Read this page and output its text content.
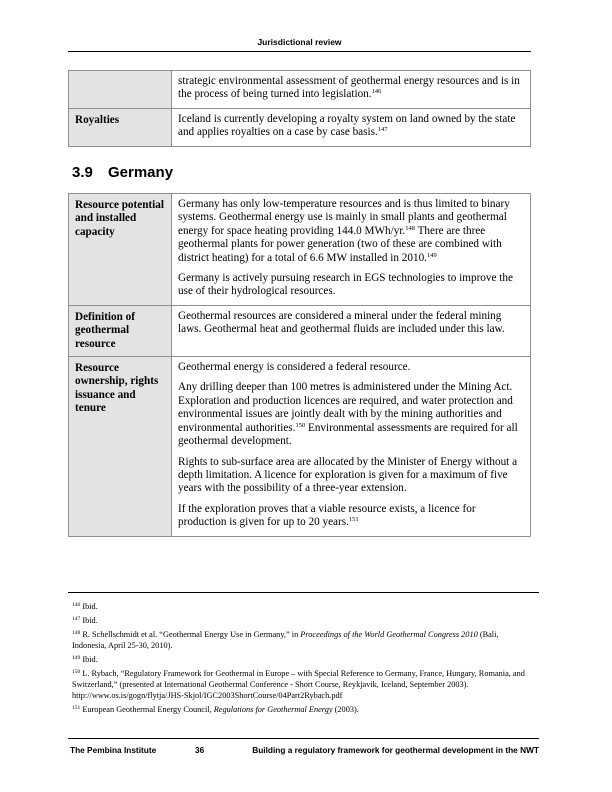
Jurisdictional review

	strategic environmental assessment of geothermal energy resources and is in the process of being turned into legislation.$^{146}$

Royalties	Iceland is currently developing a royalty system on land owned by the state and applies royalties on a case by case basis.$^{147}$

3.9 Germany
Resource potential and installed capacity	Germany has only low-temperature resources and is thus limited to binary systems. Geothermal energy use is mainly in small plants and geothermal energy for space heating providing 144.0 MWh/yr.$^{148}$ There are three geothermal plants for power generation (two of these are combined with district heating) for a total of 6.6 MW installed in 2010.$^{149}$

Germany is actively pursuing research in EGS technologies to improve the use of their hydrological resources.

Definition of geothermal resource	Geothermal resources are considered a mineral under the federal mining laws. Geothermal heat and geothermal fluids are included under this law.

Resource ownership, rights issuance and tenure	Geothermal energy is considered a federal resource.

Any drilling deeper than 100 metres is administered under the Mining Act. Exploration and production licences are required, and water protection and environmental issues are jointly dealt with by the mining authorities and environmental authorities.$^{150}$ Environmental assessments are required for all geothermal development.

Rights to sub-surface area are allocated by the Minister of Energy without a depth limitation. A licence for exploration is given for a maximum of five years with the possibility of a three-year extension.

If the exploration proves that a viable resource exists, a licence for production is given for up to 20 years.$^{151}$

$^{146}$ Ibid.
$^{147}$ Ibid.
$^{148}$ R. Schellschmidt et al. “Geothermal Energy Use in Germany,” in Proceedings of the World Geothermal Congress 2010 (Bali, Indonesia, April 25-30, 2010).
$^{149}$ Ibid.
$^{150}$ L. Rybach, “Regulatory Framework for Geothermal in Europe – with Special Reference to Germany, France, Hungary, Romania, and Switzerland,” (presented at International Geothermal Conference - Short Course, Reykjavik, Iceland, September 2003). http://www.os.is/gogn/flytja/JHS-Skjol/IGC2003ShortCourse/04Part2Rybach.pdf
$^{151}$ European Geothermal Energy Council, Regulations for Geothermal Energy (2003).
The Pembina Institute	36	Building a regulatory framework for geothermal development in the NWT
